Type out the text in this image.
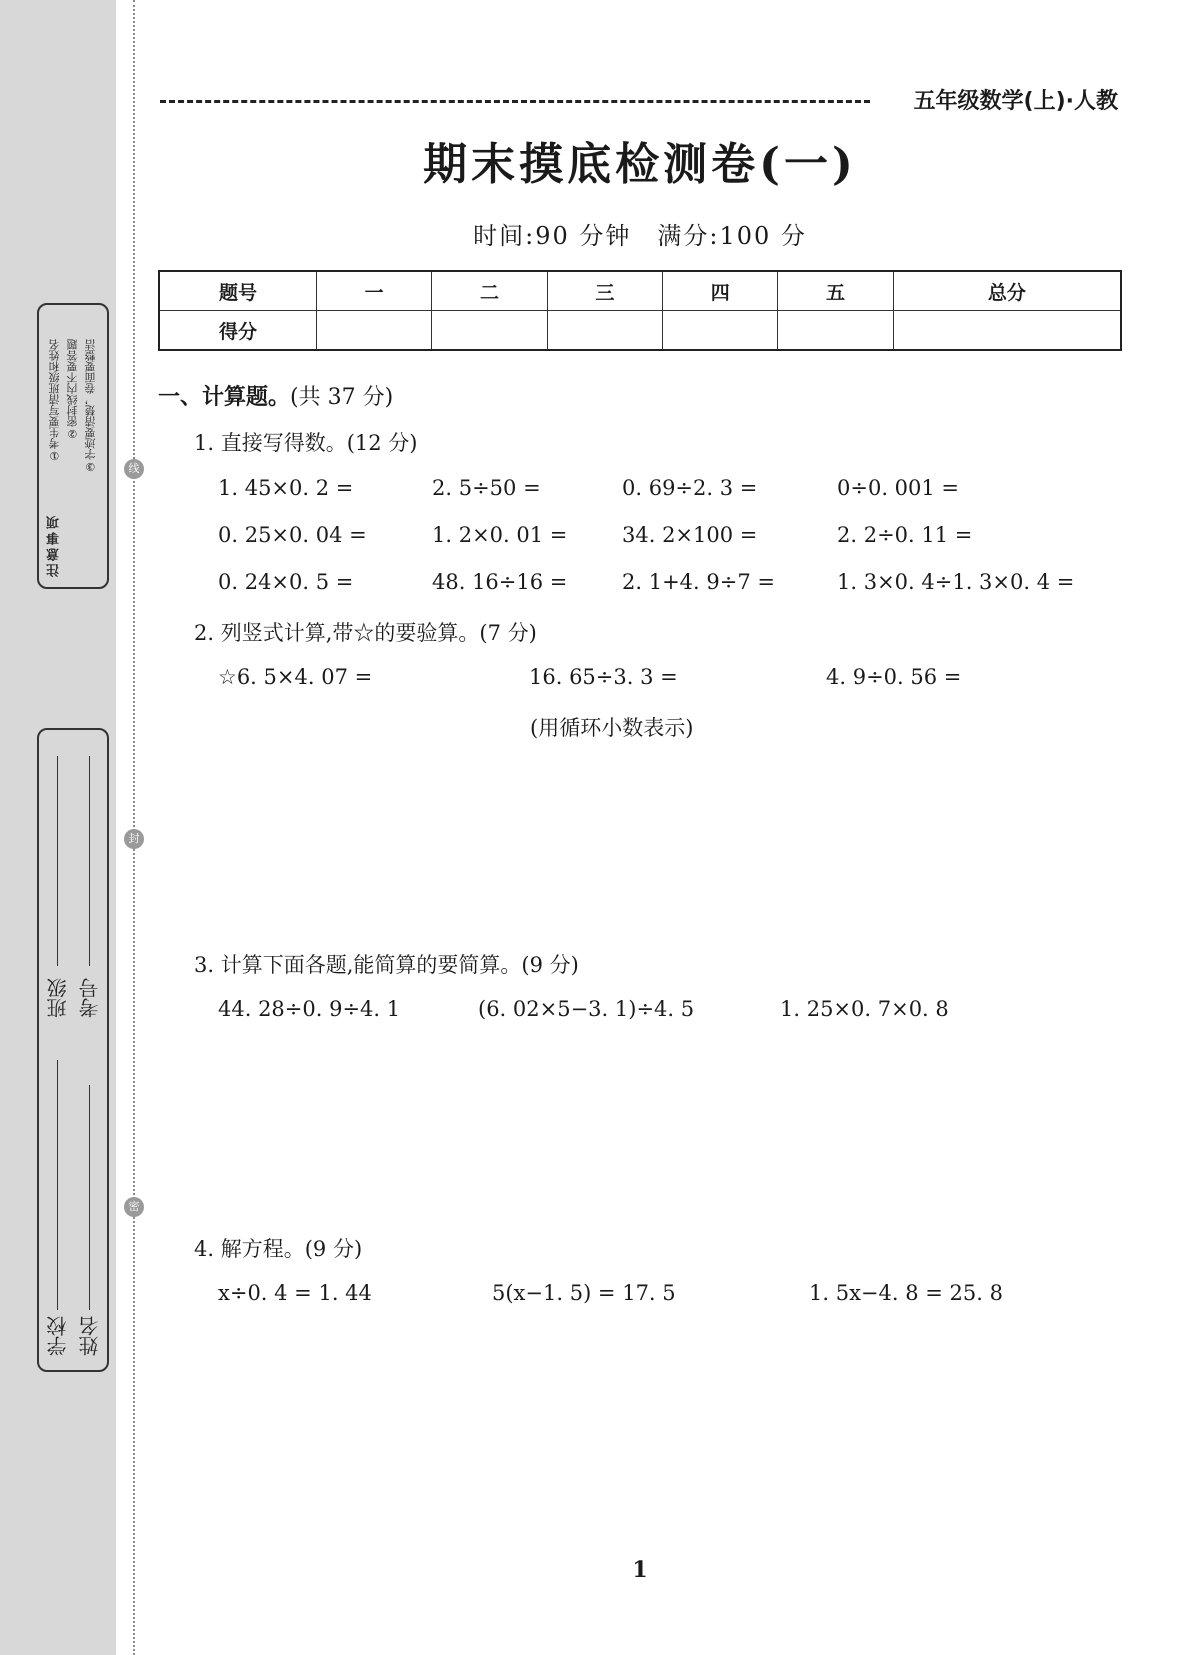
注意事项
①考生要写清班级和姓名 ②密封线内不要答题 ③字迹要清楚，卷面要整洁
学校 姓名
班级 考号
线
封
密
五年级数学(上)·人教
期末摸底检测卷(一)
时间:90 分钟　满分:100 分
题号	一	二	三	四	五	总分
得分						
一、计算题。(共 37 分)
1. 直接写得数。(12 分)
1. 45×0. 2 =	2. 5÷50 =	0. 69÷2. 3 =	0÷0. 001 =
0. 25×0. 04 =	1. 2×0. 01 =	34. 2×100 =	2. 2÷0. 11 =
0. 24×0. 5 =	48. 16÷16 =	2. 1+4. 9÷7 =	1. 3×0. 4÷1. 3×0. 4 =
2. 列竖式计算,带☆的要验算。(7 分)
☆6. 5×4. 07 =	16. 65÷3. 3 =	4. 9÷0. 56 =
(用循环小数表示)
3. 计算下面各题,能简算的要简算。(9 分)
44. 28÷0. 9÷4. 1	(6. 02×5−3. 1)÷4. 5	1. 25×0. 7×0. 8
4. 解方程。(9 分)
x÷0. 4 = 1. 44	5(x−1. 5) = 17. 5	1. 5x−4. 8 = 25. 8
1
